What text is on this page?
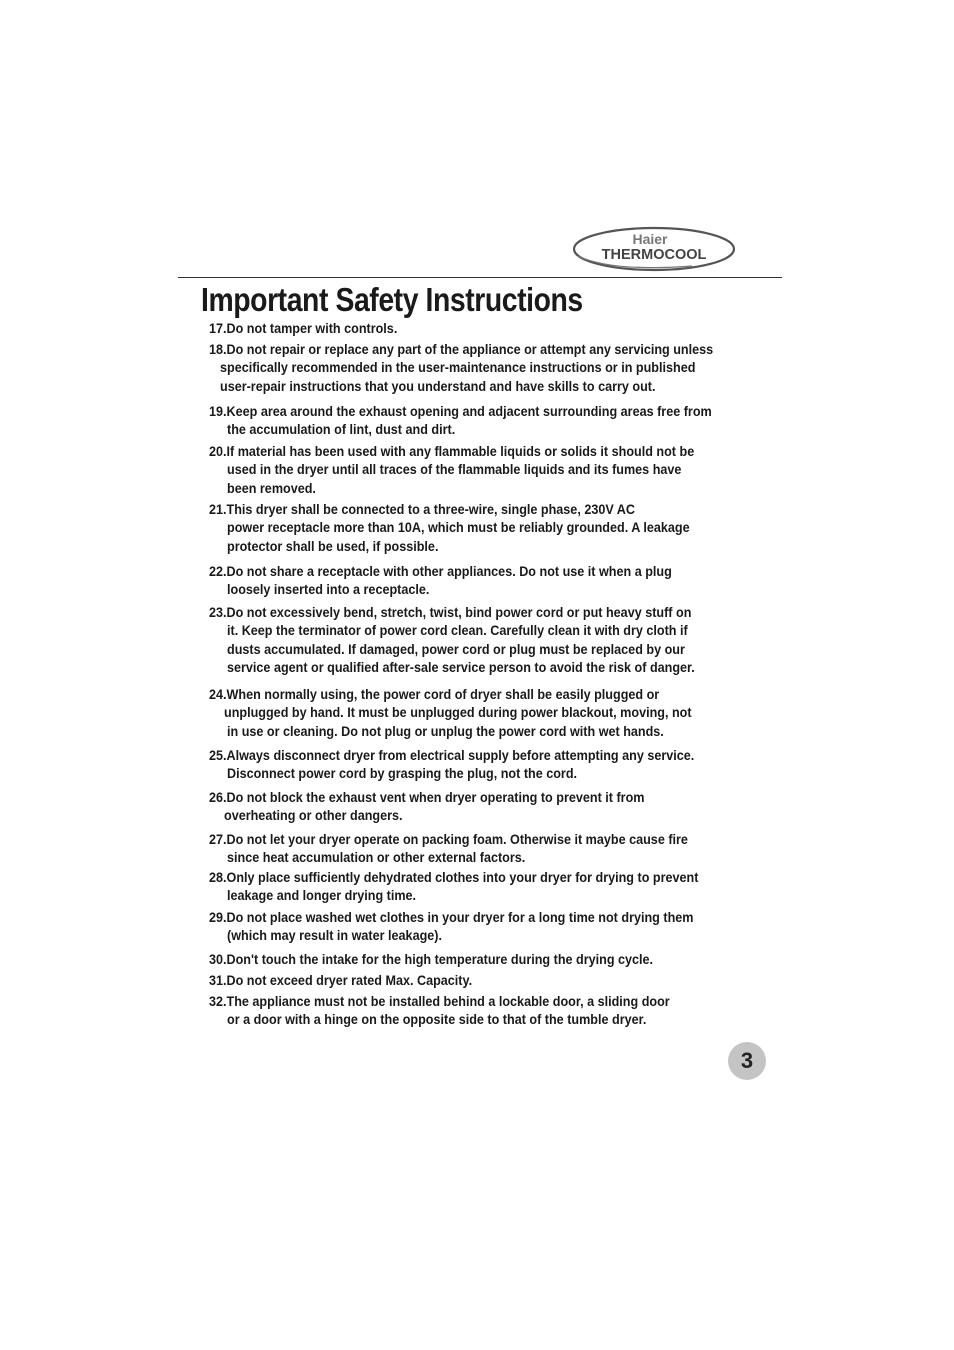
Haier
THERMOCOOL
Important Safety Instructions
17.Do not tamper with controls.
18.Do not repair or replace any part of the appliance or attempt any servicing unless
specifically recommended in the user-maintenance instructions or in published
user-repair instructions that you understand and have skills to carry out.
19.Keep area around the exhaust opening and adjacent surrounding areas free from
the accumulation of lint, dust and dirt.
20.If material has been used with any flammable liquids or solids it should not be
used in the dryer until all traces of the flammable liquids and its fumes have
been removed.
21.This dryer shall be connected to a three-wire, single phase, 230V AC
power receptacle more than 10A, which must be reliably grounded. A leakage
protector shall be used, if possible.
22.Do not share a receptacle with other appliances. Do not use it when a plug
loosely inserted into a receptacle.
23.Do not excessively bend, stretch, twist, bind power cord or put heavy stuff on
it. Keep the terminator of power cord clean. Carefully clean it with dry cloth if
dusts accumulated. If damaged, power cord or plug must be replaced by our
service agent or qualified after-sale service person to avoid the risk of danger.
24.When normally using, the power cord of dryer shall be easily plugged or
unplugged by hand. It must be unplugged during power blackout, moving, not
in use or cleaning. Do not plug or unplug the power cord with wet hands.
25.Always disconnect dryer from electrical supply before attempting any service.
Disconnect power cord by grasping the plug, not the cord.
26.Do not block the exhaust vent when dryer operating to prevent it from
overheating or other dangers.
27.Do not let your dryer operate on packing foam. Otherwise it maybe cause fire
since heat accumulation or other external factors.
28.Only place sufficiently dehydrated clothes into your dryer for drying to prevent
leakage and longer drying time.
29.Do not place washed wet clothes in your dryer for a long time not drying them
(which may result in water leakage).
30.Don't touch the intake for the high temperature during the drying cycle.
31.Do not exceed dryer rated Max. Capacity.
32.The appliance must not be installed behind a lockable door, a sliding door
or a door with a hinge on the opposite side to that of the tumble dryer.
3
